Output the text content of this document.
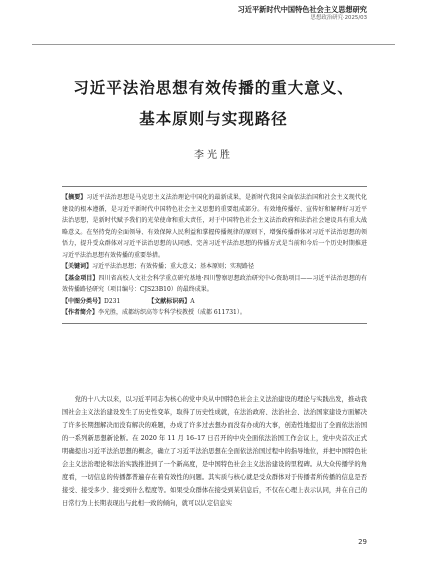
习近平新时代中国特色社会主义思想研究
思想政治研究·2025/03
习近平法治思想有效传播的重大意义、
基本原则与实现路径
李光胜

【摘要】习近平法治思想是马克思主义法治理论中国化的最新成果，是新时代我国全面依法治国和社会主义现代化建设的根本遵循，是习近平新时代中国特色社会主义思想的重要组成部分。有效地传播好、宣传好和解释好习近平法治思想，是新时代赋予我们的光荣使命和重大责任，对于中国特色社会主义法治政府和法治社会建设具有重大战略意义。在坚持党的全面领导、有效保障人民利益和掌握传播规律的原则下，增强传播群体对习近平法治思想的领悟力，提升受众群体对习近平法治思想的认同感、完善习近平法治思想的传播方式是当前和今后一个历史时期推进习近平法治思想有效传播的重要举措。

【关键词】习近平法治思想；有效传播；重大意义；基本原则；实现路径

【基金项目】四川省高校人文社会科学重点研究基地·四川警察思想政治研究中心资助项目——习近平法治思想的有效传播路径研究（项目编号：CJS23B10）的最终成果。

【中图分类号】D231	【文献标识码】A

【作者简介】李光胜，成都纺织高等专科学校教授（成都 611731）。

党的十八大以来，以习近平同志为核心的党中央从中国特色社会主义法治建设的理论与实践出发，推动我国社会主义法治建设发生了历史性变革，取得了历史性成就，在法治政府、法治社会、法治国家建设方面解决了许多长期想解决而没有解决的难题，办成了许多过去想办而没有办成的大事，创造性地提出了全面依法治国的一系列新思想新论断。在 2020 年 11 月 16–17 日召开的中央全面依法治国工作会议上，党中央首次正式明确提出习近平法治思想的概念，确立了习近平法治思想在全面依法治国过程中的指导地位，并把中国特色社会主义法治理论和法治实践推进到了一个新高度，是中国特色社会主义法治建设的里程碑。从大众传播学的角度看，一切信息的传播都普遍存在着有效性的问题。其实质与核心就是受众群体对于传播者所传播的信息是否接受、接受多少、接受到什么程度等。如果受众群体在接受到某信息后，不仅在心理上表示认同，并在自己的日常行为上长期表现出与此相一致的倾向，就可以认定信息实

29
